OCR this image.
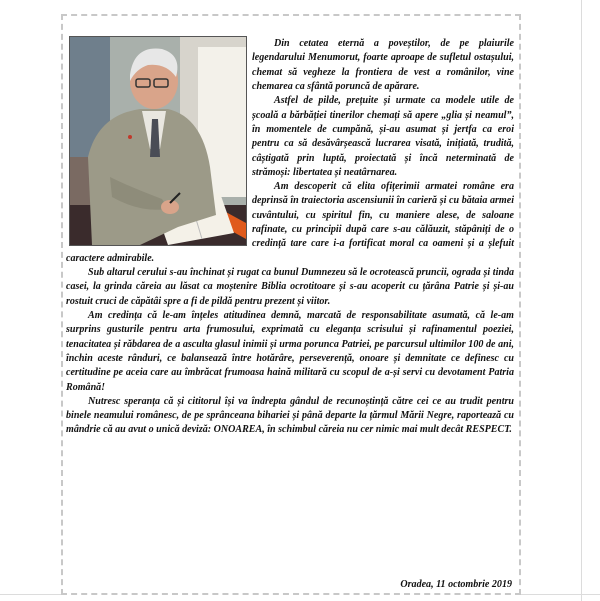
Din cetatea eternă a poveștilor, de pe plaiurile legendarului Menumorut, foarte aproape de sufletul ostașului, chemat să vegheze la frontiera de vest a românilor, vine chemarea ca sfântă poruncă de apărare.

Astfel de pilde, prețuite și urmate ca modele utile de școală a bărbăției tinerilor chemați să apere „glia și neamul”, în momentele de cumpănă, și-au asumat și jertfa ca eroi pentru ca să desăvârșească lucrarea visată, inițiată, trudită, câștigată prin luptă, proiectată și încă neterminată de strămoși: libertatea și neatârnarea.

Am descoperit că elita ofițerimii armatei române era deprinsă în traiectoria ascensiunii în carieră și cu bătaia armei cuvântului, cu spiritul fin, cu maniere alese, de saloane rafinate, cu principii după care s-au călăuzit, stăpâniți de o credință tare care i-a fortificat moral ca oameni și a șlefuit caractere admirabile.

Sub altarul cerului s-au închinat și rugat ca bunul Dumnezeu să le ocrotească pruncii, ograda și tinda casei, la grinda căreia au lăsat ca moștenire Biblia ocrotitoare și s-au acoperit cu țărâna Patrie și și-au rostuit cruci de căpătâi spre a fi de pildă pentru prezent și viitor.

Am credința că le-am înțeles atitudinea demnă, marcată de responsabilitate asumată, că le-am surprins gusturile pentru arta frumosului, exprimată cu eleganța scrisului și rafinamentul poeziei, tenacitatea și răbdarea de a asculta glasul inimii și urma porunca Patriei, pe parcursul ultimilor 100 de ani, închin aceste rânduri, ce balansează între hotărâre, perseverență, onoare și demnitate ce definesc cu certitudine pe aceia care au îmbrăcat frumoasa haină militară cu scopul de a-și servi cu devotament Patria Română!

Nutresc speranța că și cititorul își va îndrepta gândul de recunoștință către cei ce au trudit pentru binele neamului românesc, de pe sprânceana bihariei și până departe la țărmul Mării Negre, raportează cu mândrie că au avut o unică deviză: ONOAREA, în schimbul căreia nu cer nimic mai mult decât RESPECT.

Oradea, 11 octombrie 2019
